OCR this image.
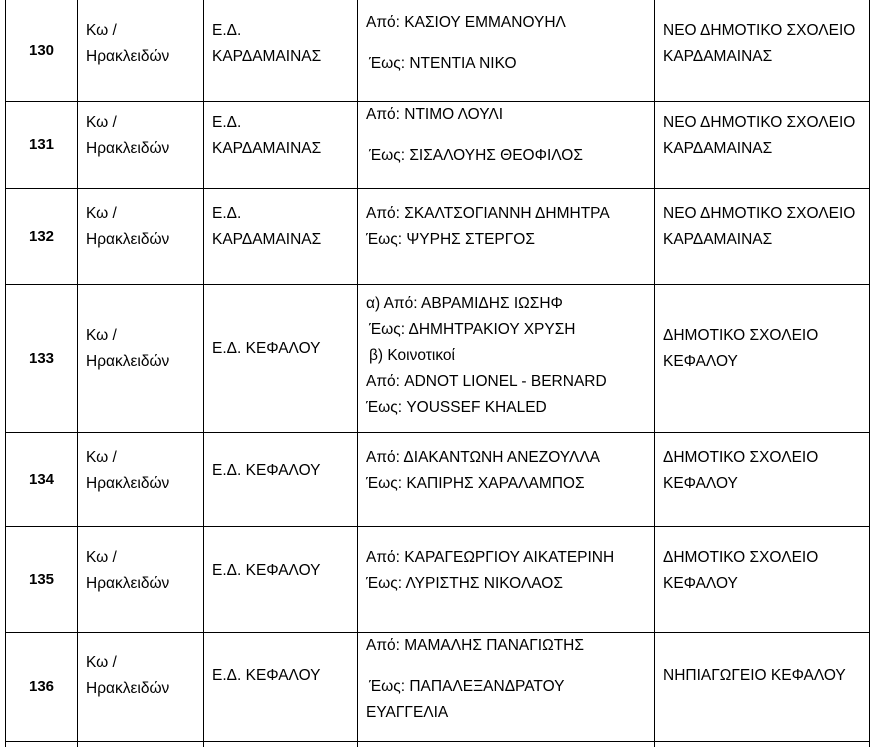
130	Κω /
Ηρακλειδών	Ε.Δ.
ΚΑΡΔΑΜΑΙΝΑΣ	Από: ΚΑΣΙΟΥ ΕΜΜΑΝΟΥΗΛ
Έως: ΝΤΕΝΤΙΑ ΝΙΚΟ	ΝΕΟ ΔΗΜΟΤΙΚΟ ΣΧΟΛΕΙΟ
ΚΑΡΔΑΜΑΙΝΑΣ

131	Κω /
Ηρακλειδών	Ε.Δ.
ΚΑΡΔΑΜΑΙΝΑΣ	Από: ΝΤΙΜΟ ΛΟΥΛΙ
Έως: ΣΙΣΑΛΟΥΗΣ ΘΕΟΦΙΛΟΣ	ΝΕΟ ΔΗΜΟΤΙΚΟ ΣΧΟΛΕΙΟ
ΚΑΡΔΑΜΑΙΝΑΣ

132	Κω /
Ηρακλειδών	Ε.Δ.
ΚΑΡΔΑΜΑΙΝΑΣ	Από: ΣΚΑΛΤΣΟΓΙΑΝΝΗ ΔΗΜΗΤΡΑ
Έως: ΨΥΡΗΣ ΣΤΕΡΓΟΣ	ΝΕΟ ΔΗΜΟΤΙΚΟ ΣΧΟΛΕΙΟ
ΚΑΡΔΑΜΑΙΝΑΣ

133	Κω /
Ηρακλειδών	Ε.Δ. ΚΕΦΑΛΟΥ	α) Από: ΑΒΡΑΜΙΔΗΣ ΙΩΣΗΦ
Έως: ΔΗΜΗΤΡΑΚΙΟΥ ΧΡΥΣΗ
β) Κοινοτικοί
Από: ADNOT LIONEL - BERNARD
Έως: YOUSSEF KHALED	ΔΗΜΟΤΙΚΟ ΣΧΟΛΕΙΟ
ΚΕΦΑΛΟΥ

134	Κω /
Ηρακλειδών	Ε.Δ. ΚΕΦΑΛΟΥ	Από: ΔΙΑΚΑΝΤΩΝΗ ΑΝΕΖΟΥΛΛΑ
Έως: ΚΑΠΙΡΗΣ ΧΑΡΑΛΑΜΠΟΣ	ΔΗΜΟΤΙΚΟ ΣΧΟΛΕΙΟ
ΚΕΦΑΛΟΥ

135	Κω /
Ηρακλειδών	Ε.Δ. ΚΕΦΑΛΟΥ	Από: ΚΑΡΑΓΕΩΡΓΙΟΥ ΑΙΚΑΤΕΡΙΝΗ
Έως: ΛΥΡΙΣΤΗΣ ΝΙΚΟΛΑΟΣ	ΔΗΜΟΤΙΚΟ ΣΧΟΛΕΙΟ
ΚΕΦΑΛΟΥ

136	Κω /
Ηρακλειδών	Ε.Δ. ΚΕΦΑΛΟΥ	Από: ΜΑΜΑΛΗΣ ΠΑΝΑΓΙΩΤΗΣ
Έως: ΠΑΠΑΛΕΞΑΝΔΡΑΤΟΥ
ΕΥΑΓΓΕΛΙΑ	ΝΗΠΙΑΓΩΓΕΙΟ ΚΕΦΑΛΟΥ
